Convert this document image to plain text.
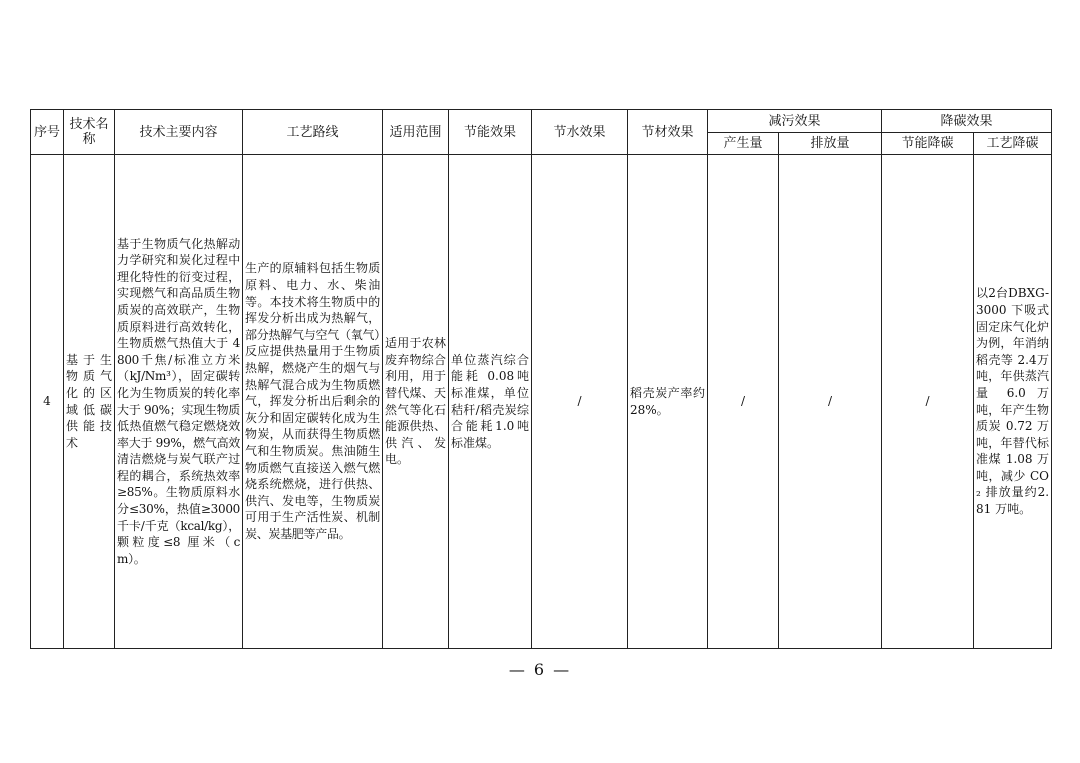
序号	技术名称	技术主要内容	工艺路线	适用范围	节能效果	节水效果	节材效果	减污效果		降碳效果	
								产生量	排放量	节能降碳	工艺降碳
4	基于生物质气化的区域低碳供能技术	基于生物质气化热解动力学研究和炭化过程中理化特性的衍变过程，实现燃气和高品质生物质炭的高效联产，生物质原料进行高效转化，生物质燃气热值大于 4800千焦/标准立方米（kJ/Nm³），固定碳转化为生物质炭的转化率大于 90%；实现生物质低热值燃气稳定燃烧效率大于 99%，燃气高效清洁燃烧与炭气联产过程的耦合，系统热效率≥85%。生物质原料水分≤30%，热值≥3000千卡/千克（kcal/kg），颗粒度≤8 厘米（cm）。	生产的原辅料包括生物质原料、电力、水、柴油等。本技术将生物质中的挥发分析出成为热解气，部分热解气与空气（氧气）反应提供热量用于生物质热解，燃烧产生的烟气与热解气混合成为生物质燃气，挥发分析出后剩余的灰分和固定碳转化成为生物炭，从而获得生物质燃气和生物质炭。焦油随生物质燃气直接送入燃气燃烧系统燃烧，进行供热、供汽、发电等，生物质炭可用于生产活性炭、机制炭、炭基肥等产品。	适用于农林废弃物综合利用，用于替代煤、天然气等化石能源供热、供汽、发电。	单位蒸汽综合能耗 0.08吨标准煤，单位秸秆/稻壳炭综合能耗1.0吨标准煤。	/	稻壳炭产率约 28%。	/	/	/	以2台DBXG-3000 下吸式固定床气化炉为例，年消纳稻壳等 2.4万吨，年供蒸汽量 6.0 万吨，年产生物质炭 0.72 万吨，年替代标准煤 1.08 万吨，减少 CO₂ 排放量约2.81 万吨。
— 6 —
